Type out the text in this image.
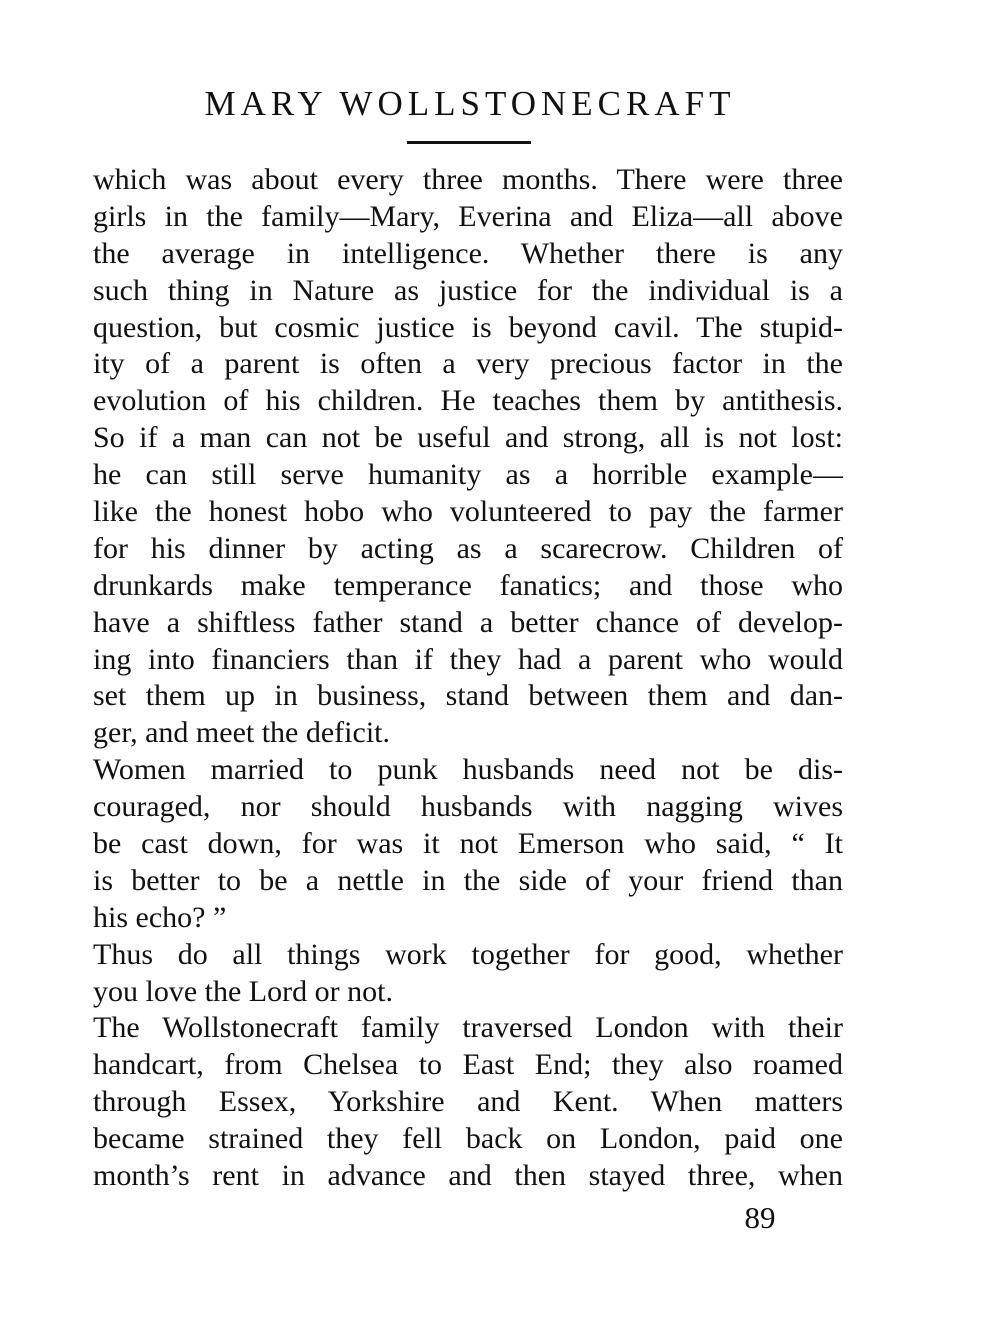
MARY WOLLSTONECRAFT
which was about every three months. There were three
girls in the family—Mary, Everina and Eliza—all above
the average in intelligence. Whether there is any
such thing in Nature as justice for the individual is a
question, but cosmic justice is beyond cavil. The stupid-
ity of a parent is often a very precious factor in the
evolution of his children. He teaches them by antithesis.
So if a man can not be useful and strong, all is not lost:
he can still serve humanity as a horrible example—
like the honest hobo who volunteered to pay the farmer
for his dinner by acting as a scarecrow. Children of
drunkards make temperance fanatics; and those who
have a shiftless father stand a better chance of develop-
ing into financiers than if they had a parent who would
set them up in business, stand between them and dan-
ger, and meet the deficit.
Women married to punk husbands need not be dis-
couraged, nor should husbands with nagging wives
be cast down, for was it not Emerson who said, “ It
is better to be a nettle in the side of your friend than
his echo? ”
Thus do all things work together for good, whether
you love the Lord or not.
The Wollstonecraft family traversed London with their
handcart, from Chelsea to East End; they also roamed
through Essex, Yorkshire and Kent. When matters
became strained they fell back on London, paid one
month’s rent in advance and then stayed three, when
89
